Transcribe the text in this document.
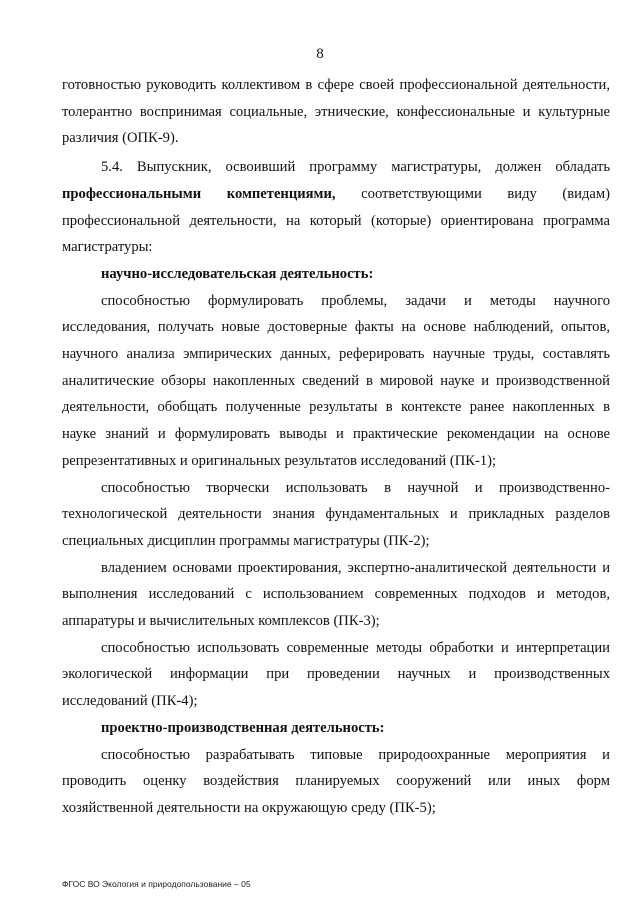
8

готовностью руководить коллективом в сфере своей профессиональной деятельности, толерантно воспринимая социальные, этнические, конфессиональные и культурные различия (ОПК-9).

5.4. Выпускник, освоивший программу магистратуры, должен обладать профессиональными компетенциями, соответствующими виду (видам) профессиональной деятельности, на который (которые) ориентирована программа магистратуры:

научно-исследовательская деятельность:

способностью формулировать проблемы, задачи и методы научного исследования, получать новые достоверные факты на основе наблюдений, опытов, научного анализа эмпирических данных, реферировать научные труды, составлять аналитические обзоры накопленных сведений в мировой науке и производственной деятельности, обобщать полученные результаты в контексте ранее накопленных в науке знаний и формулировать выводы и практические рекомендации на основе репрезентативных и оригинальных результатов исследований (ПК-1);

способностью творчески использовать в научной и производственно-технологической деятельности знания фундаментальных и прикладных разделов специальных дисциплин программы магистратуры (ПК-2);

владением основами проектирования, экспертно-аналитической деятельности и выполнения исследований с использованием современных подходов и методов, аппаратуры и вычислительных комплексов (ПК-3);

способностью использовать современные методы обработки и интерпретации экологической информации при проведении научных и производственных исследований (ПК-4);

проектно-производственная деятельность:

способностью разрабатывать типовые природоохранные мероприятия и проводить оценку воздействия планируемых сооружений или иных форм хозяйственной деятельности на окружающую среду (ПК-5);

ФГОС ВО Экология и природопользование – 05
